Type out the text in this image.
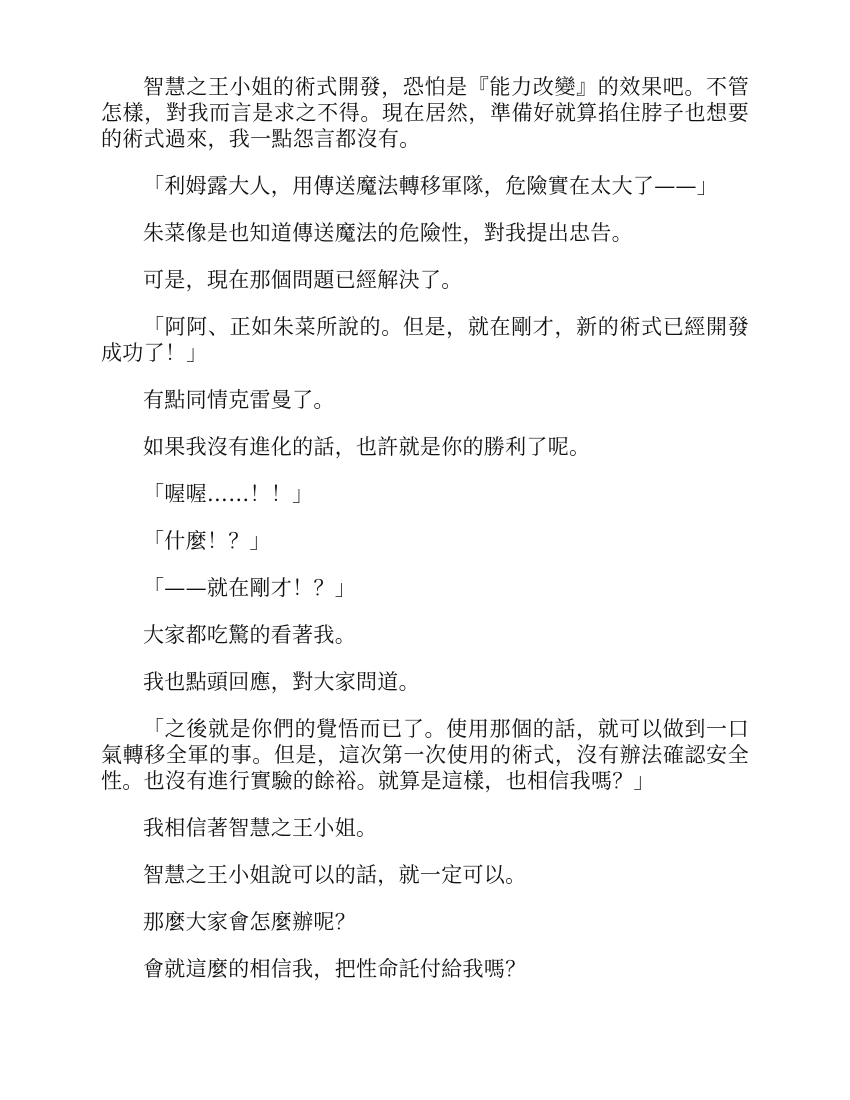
智慧之王小姐的術式開發，恐怕是『能力改變』的效果吧。不管怎樣，對我而言是求之不得。現在居然，準備好就算掐住脖子也想要的術式過來，我一點怨言都沒有。

「利姆露大人，用傳送魔法轉移軍隊，危險實在太大了——」

朱菜像是也知道傳送魔法的危險性，對我提出忠告。

可是，現在那個問題已經解決了。

「阿阿、正如朱菜所說的。但是，就在剛才，新的術式已經開發成功了！」

有點同情克雷曼了。

如果我沒有進化的話，也許就是你的勝利了呢。

「喔喔……！！」

「什麼！？」

「——就在剛才！？」

大家都吃驚的看著我。

我也點頭回應，對大家問道。

「之後就是你們的覺悟而已了。使用那個的話，就可以做到一口氣轉移全軍的事。但是，這次第一次使用的術式，沒有辦法確認安全性。也沒有進行實驗的餘裕。就算是這樣，也相信我嗎？」

我相信著智慧之王小姐。

智慧之王小姐說可以的話，就一定可以。

那麼大家會怎麼辦呢？

會就這麼的相信我，把性命託付給我嗎？
